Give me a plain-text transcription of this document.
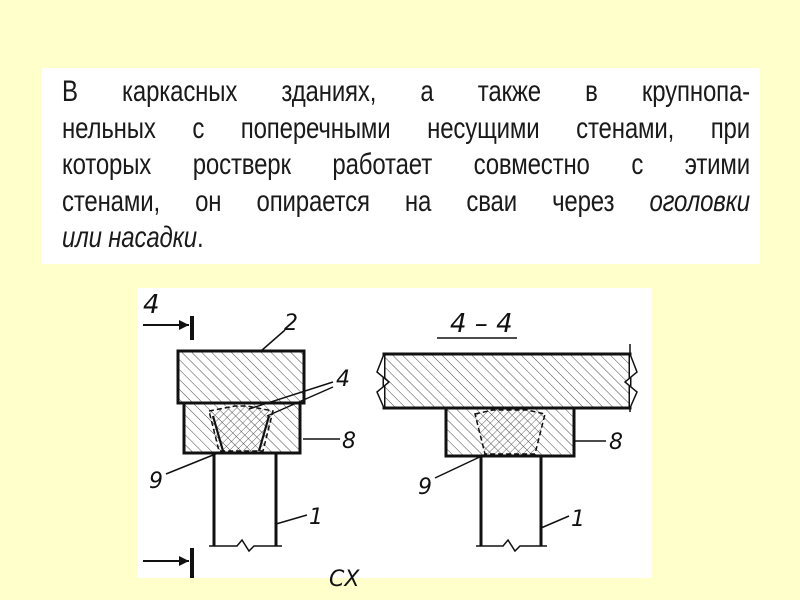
В каркасных зданиях, а также в крупнопа-
нельных с поперечными несущими стенами, при
которых ростверк работает совместно с этими
стенами, он опирается на сваи через оголовки
или насадки.
4
2
4
8
9
1
4 – 4
8
9
1
СХ
